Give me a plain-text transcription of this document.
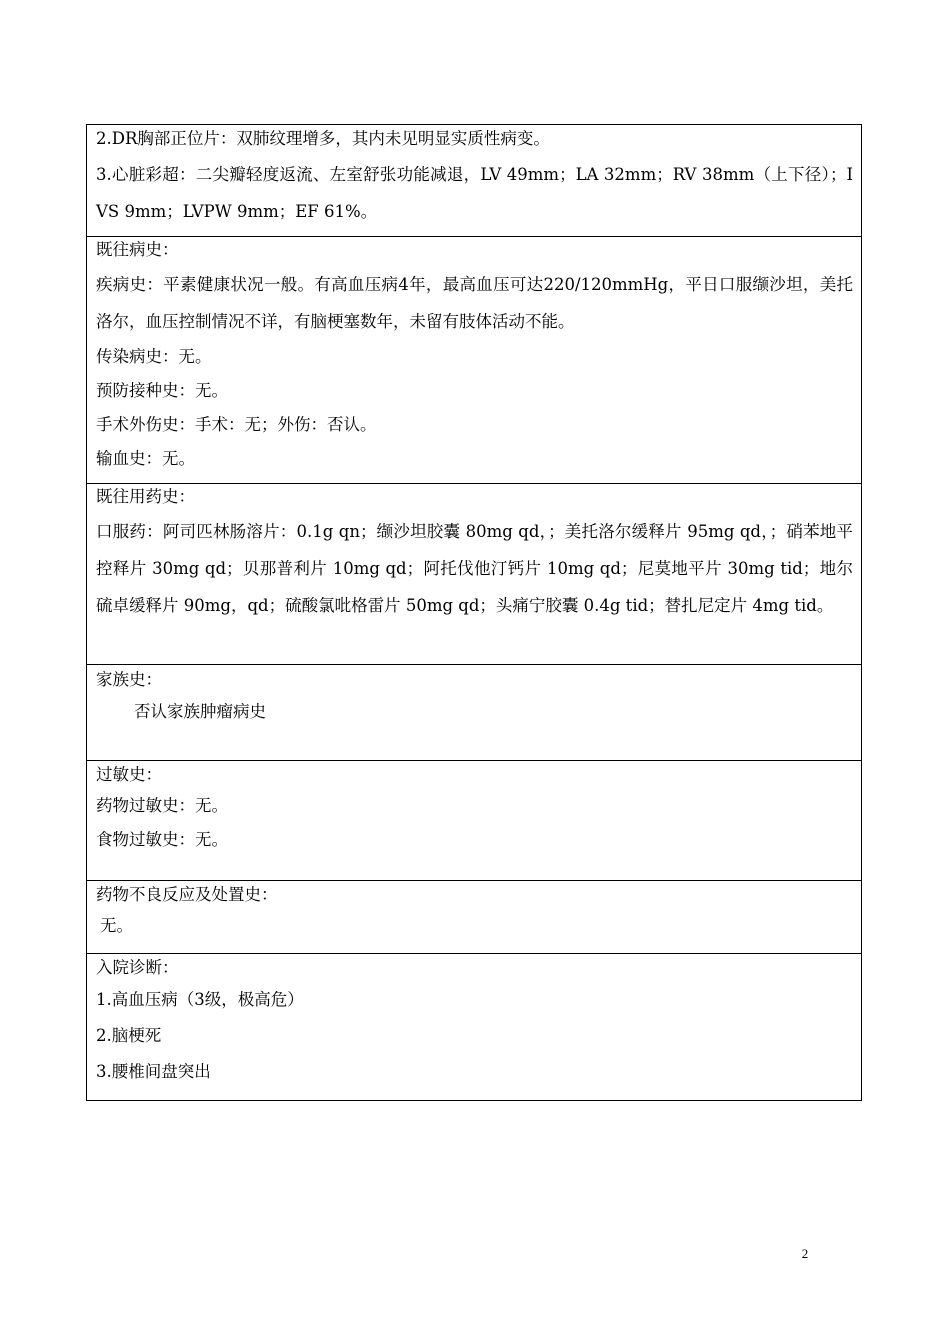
2.DR胸部正位片：双肺纹理增多，其内未见明显实质性病变。
3.心脏彩超：二尖瓣轻度返流、左室舒张功能减退，LV 49mm；LA 32mm；RV 38mm（上下径）；IVS 9mm；LVPW 9mm；EF 61%。
既往病史：
疾病史：平素健康状况一般。有高血压病4年，最高血压可达220/120mmHg，平日口服缬沙坦，美托洛尔，血压控制情况不详，有脑梗塞数年，未留有肢体活动不能。
传染病史：无。
预防接种史：无。
手术外伤史：手术：无；外伤：否认。
输血史：无。
既往用药史：
口服药：阿司匹林肠溶片：0.1g qn；缬沙坦胶囊 80mg qd，；美托洛尔缓释片 95mg qd，；硝苯地平控释片 30mg qd；贝那普利片 10mg qd；阿托伐他汀钙片 10mg qd；尼莫地平片 30mg tid；地尔硫卓缓释片 90mg，qd；硫酸氯吡格雷片 50mg qd；头痛宁胶囊 0.4g tid；替扎尼定片 4mg tid。
家族史：
否认家族肿瘤病史
过敏史：
药物过敏史：无。
食物过敏史：无。
药物不良反应及处置史：
无。
入院诊断：
1.高血压病（3级，极高危）
2.脑梗死
3.腰椎间盘突出
2
